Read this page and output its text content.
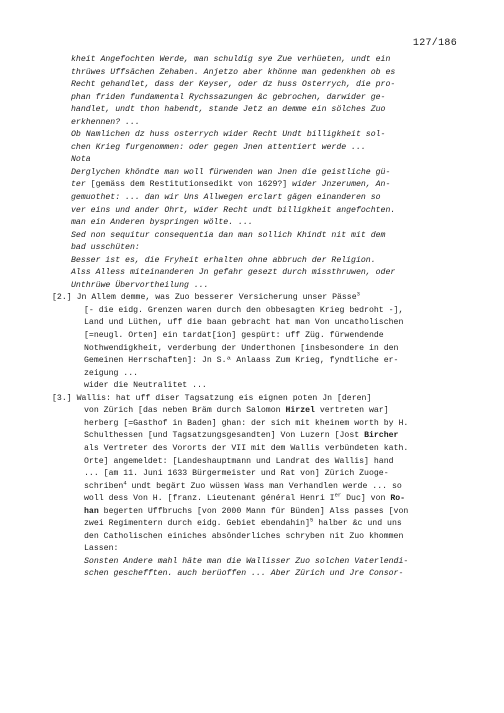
127/186
kheit Angefochten Werde, man schuldig sye Zue verhüeten, undt ein
thrüwes Uffsächen Zehaben. Anjetzo aber khönne man gedenkhen ob es
Recht gehandlet, dass der Keyser, oder dz huss Osterrych, die pro-
phan friden fundamental Rychssazungen &c gebrochen, darwider ge-
handlet, undt thon habendt, stande Jetz an demme ein sölches Zuo
erkhennen? ...
Ob Namlichen dz huss osterrych wider Recht Undt billigkheit sol-
chen Krieg furgenommen: oder gegen Jnen attentiert werde ...
Nota
Derglychen khöndte man woll fürwenden wan Jnen die geistliche gü-
ter [gemäss dem Restitutionsedikt von 1629?] wider Jnzerumen, An-
gemuothet: ... dan wir Uns Allwegen erclart gägen einanderen so
ver eins und ander Ohrt, wider Recht undt billigkheit angefochten.
man ein Anderen byspringen wölte. ...
Sed non sequitur consequentia dan man sollich Khindt nit mit dem
bad usschüten:
Besser ist es, die Fryheit erhalten ohne abbruch der Religion.
Alss Alless miteinanderen Jn gefahr gesezt durch missthruwen, oder
Unthrüwe Übervortheilung ...
[2.] Jn Allem demme, was Zuo besserer Versicherung unser Pässe$^3$
[- die eidg. Grenzen waren durch den obbesagten Krieg bedroht -],
Land und Lüthen, uff die baan gebracht hat man Von uncatholischen
[=neugl. Orten] ein tardat[ion] gespürt: uff Züg. fürwendende
Nothwendigkheit, verderbung der Underthonen [insbesondere in den
Gemeinen Herrschaften]: Jn S.ª Anlaass Zum Krieg, fyndtliche er-
zeigung ...
wider die Neutralitet ...
[3.] Wallis: hat uff diser Tagsatzung eis eignen poten Jn [deren]
von Zürich [das neben Bräm durch Salomon Hirzel vertreten war]
herberg [=Gasthof in Baden] ghan: der sich mit kheinem worth by H.
Schulthessen [und Tagsatzungsgesandten] Von Luzern [Jost Bircher
als Vertreter des Vororts der VII mit dem Wallis verbündeten kath.
Orte] angemeldet: [Landeshauptmann und Landrat des Wallis] hand
... [am 11. Juni 1633 Bürgermeister und Rat von] Zürich Zuoge-
schriben$^4$ undt begärt Zuo wüssen Wass man Verhandlen werde ... so
woll dess Von H. [franz. Lieutenant général Henri Ier Duc] von Ro-
han begerten Uffbruchs [von 2000 Mann für Bünden] Alss passes [von
zwei Regimentern durch eidg. Gebiet ebendahin]$^5$ halber &c und uns
den Catholischen einiches absönderliches schryben nit Zuo khommen
Lassen:
Sonsten Andere mahl häte man die Wallisser Zuo solchen Vaterlendi-
schen geschefften. auch berüoffen ... Aber Zürich und Jre Consor-
